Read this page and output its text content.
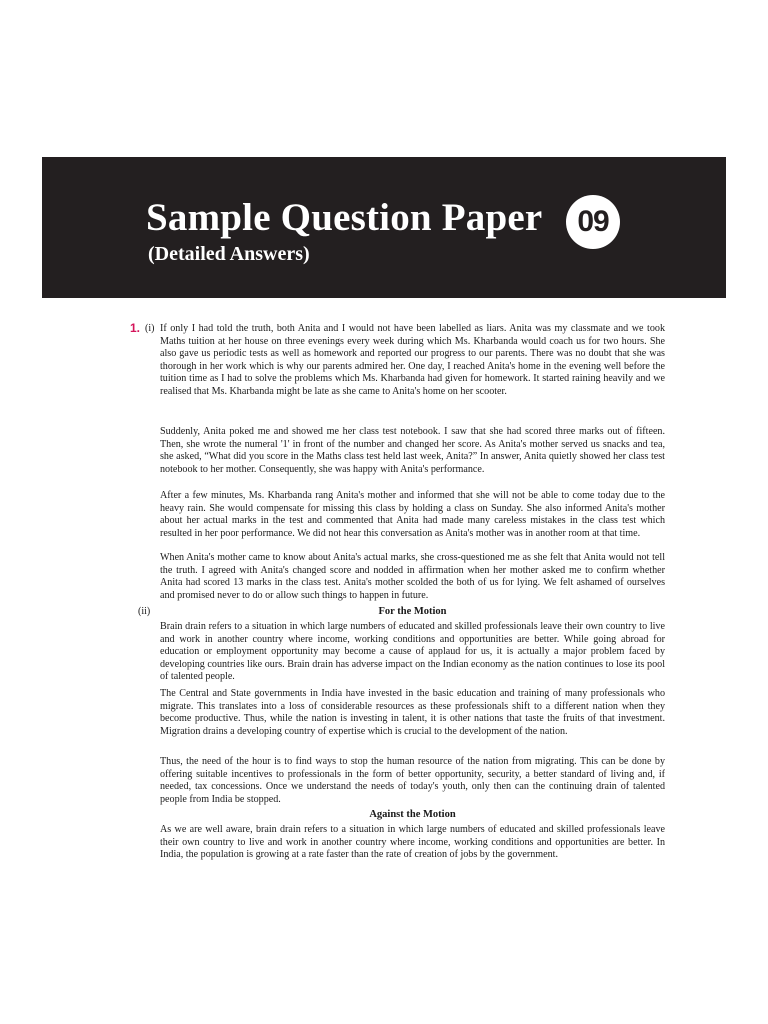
Sample Question Paper	09
(Detailed Answers)
1. (i) If only I had told the truth, both Anita and I would not have been labelled as liars. Anita was my classmate and we took Maths tuition at her house on three evenings every week during which Ms. Kharbanda would coach us for two hours. She also gave us periodic tests as well as homework and reported our progress to our parents. There was no doubt that she was thorough in her work which is why our parents admired her. One day, I reached Anita's home in the evening well before the tuition time as I had to solve the problems which Ms. Kharbanda had given for homework. It started raining heavily and we realised that Ms. Kharbanda might be late as she came to Anita's home on her scooter.

Suddenly, Anita poked me and showed me her class test notebook. I saw that she had scored three marks out of fifteen. Then, she wrote the numeral '1' in front of the number and changed her score. As Anita's mother served us snacks and tea, she asked, “What did you score in the Maths class test held last week, Anita?” In answer, Anita quietly showed her class test notebook to her mother. Consequently, she was happy with Anita's performance.

After a few minutes, Ms. Kharbanda rang Anita's mother and informed that she will not be able to come today due to the heavy rain. She would compensate for missing this class by holding a class on Sunday. She also informed Anita's mother about her actual marks in the test and commented that Anita had made many careless mistakes in the class test which resulted in her poor performance. We did not hear this conversation as Anita's mother was in another room at that time.

When Anita's mother came to know about Anita's actual marks, she cross-questioned me as she felt that Anita would not tell the truth. I agreed with Anita's changed score and nodded in affirmation when her mother asked me to confirm whether Anita had scored 13 marks in the class test. Anita's mother scolded the both of us for lying. We felt ashamed of ourselves and promised never to do or allow such things to happen in future.

(ii)	For the Motion

Brain drain refers to a situation in which large numbers of educated and skilled professionals leave their own country to live and work in another country where income, working conditions and opportunities are better. While going abroad for education or employment opportunity may become a cause of applaud for us, it is actually a major problem faced by developing countries like ours. Brain drain has adverse impact on the Indian economy as the nation continues to lose its pool of talented people.

The Central and State governments in India have invested in the basic education and training of many professionals who migrate. This translates into a loss of considerable resources as these professionals shift to a different nation when they become productive. Thus, while the nation is investing in talent, it is other nations that taste the fruits of that investment. Migration drains a developing country of expertise which is crucial to the development of the nation.

Thus, the need of the hour is to find ways to stop the human resource of the nation from migrating. This can be done by offering suitable incentives to professionals in the form of better opportunity, security, a better standard of living and, if needed, tax concessions. Once we understand the needs of today's youth, only then can the continuing drain of talented people from India be stopped.

Against the Motion

As we are well aware, brain drain refers to a situation in which large numbers of educated and skilled professionals leave their own country to live and work in another country where income, working conditions and opportunities are better. In India, the population is growing at a rate faster than the rate of creation of jobs by the government.
